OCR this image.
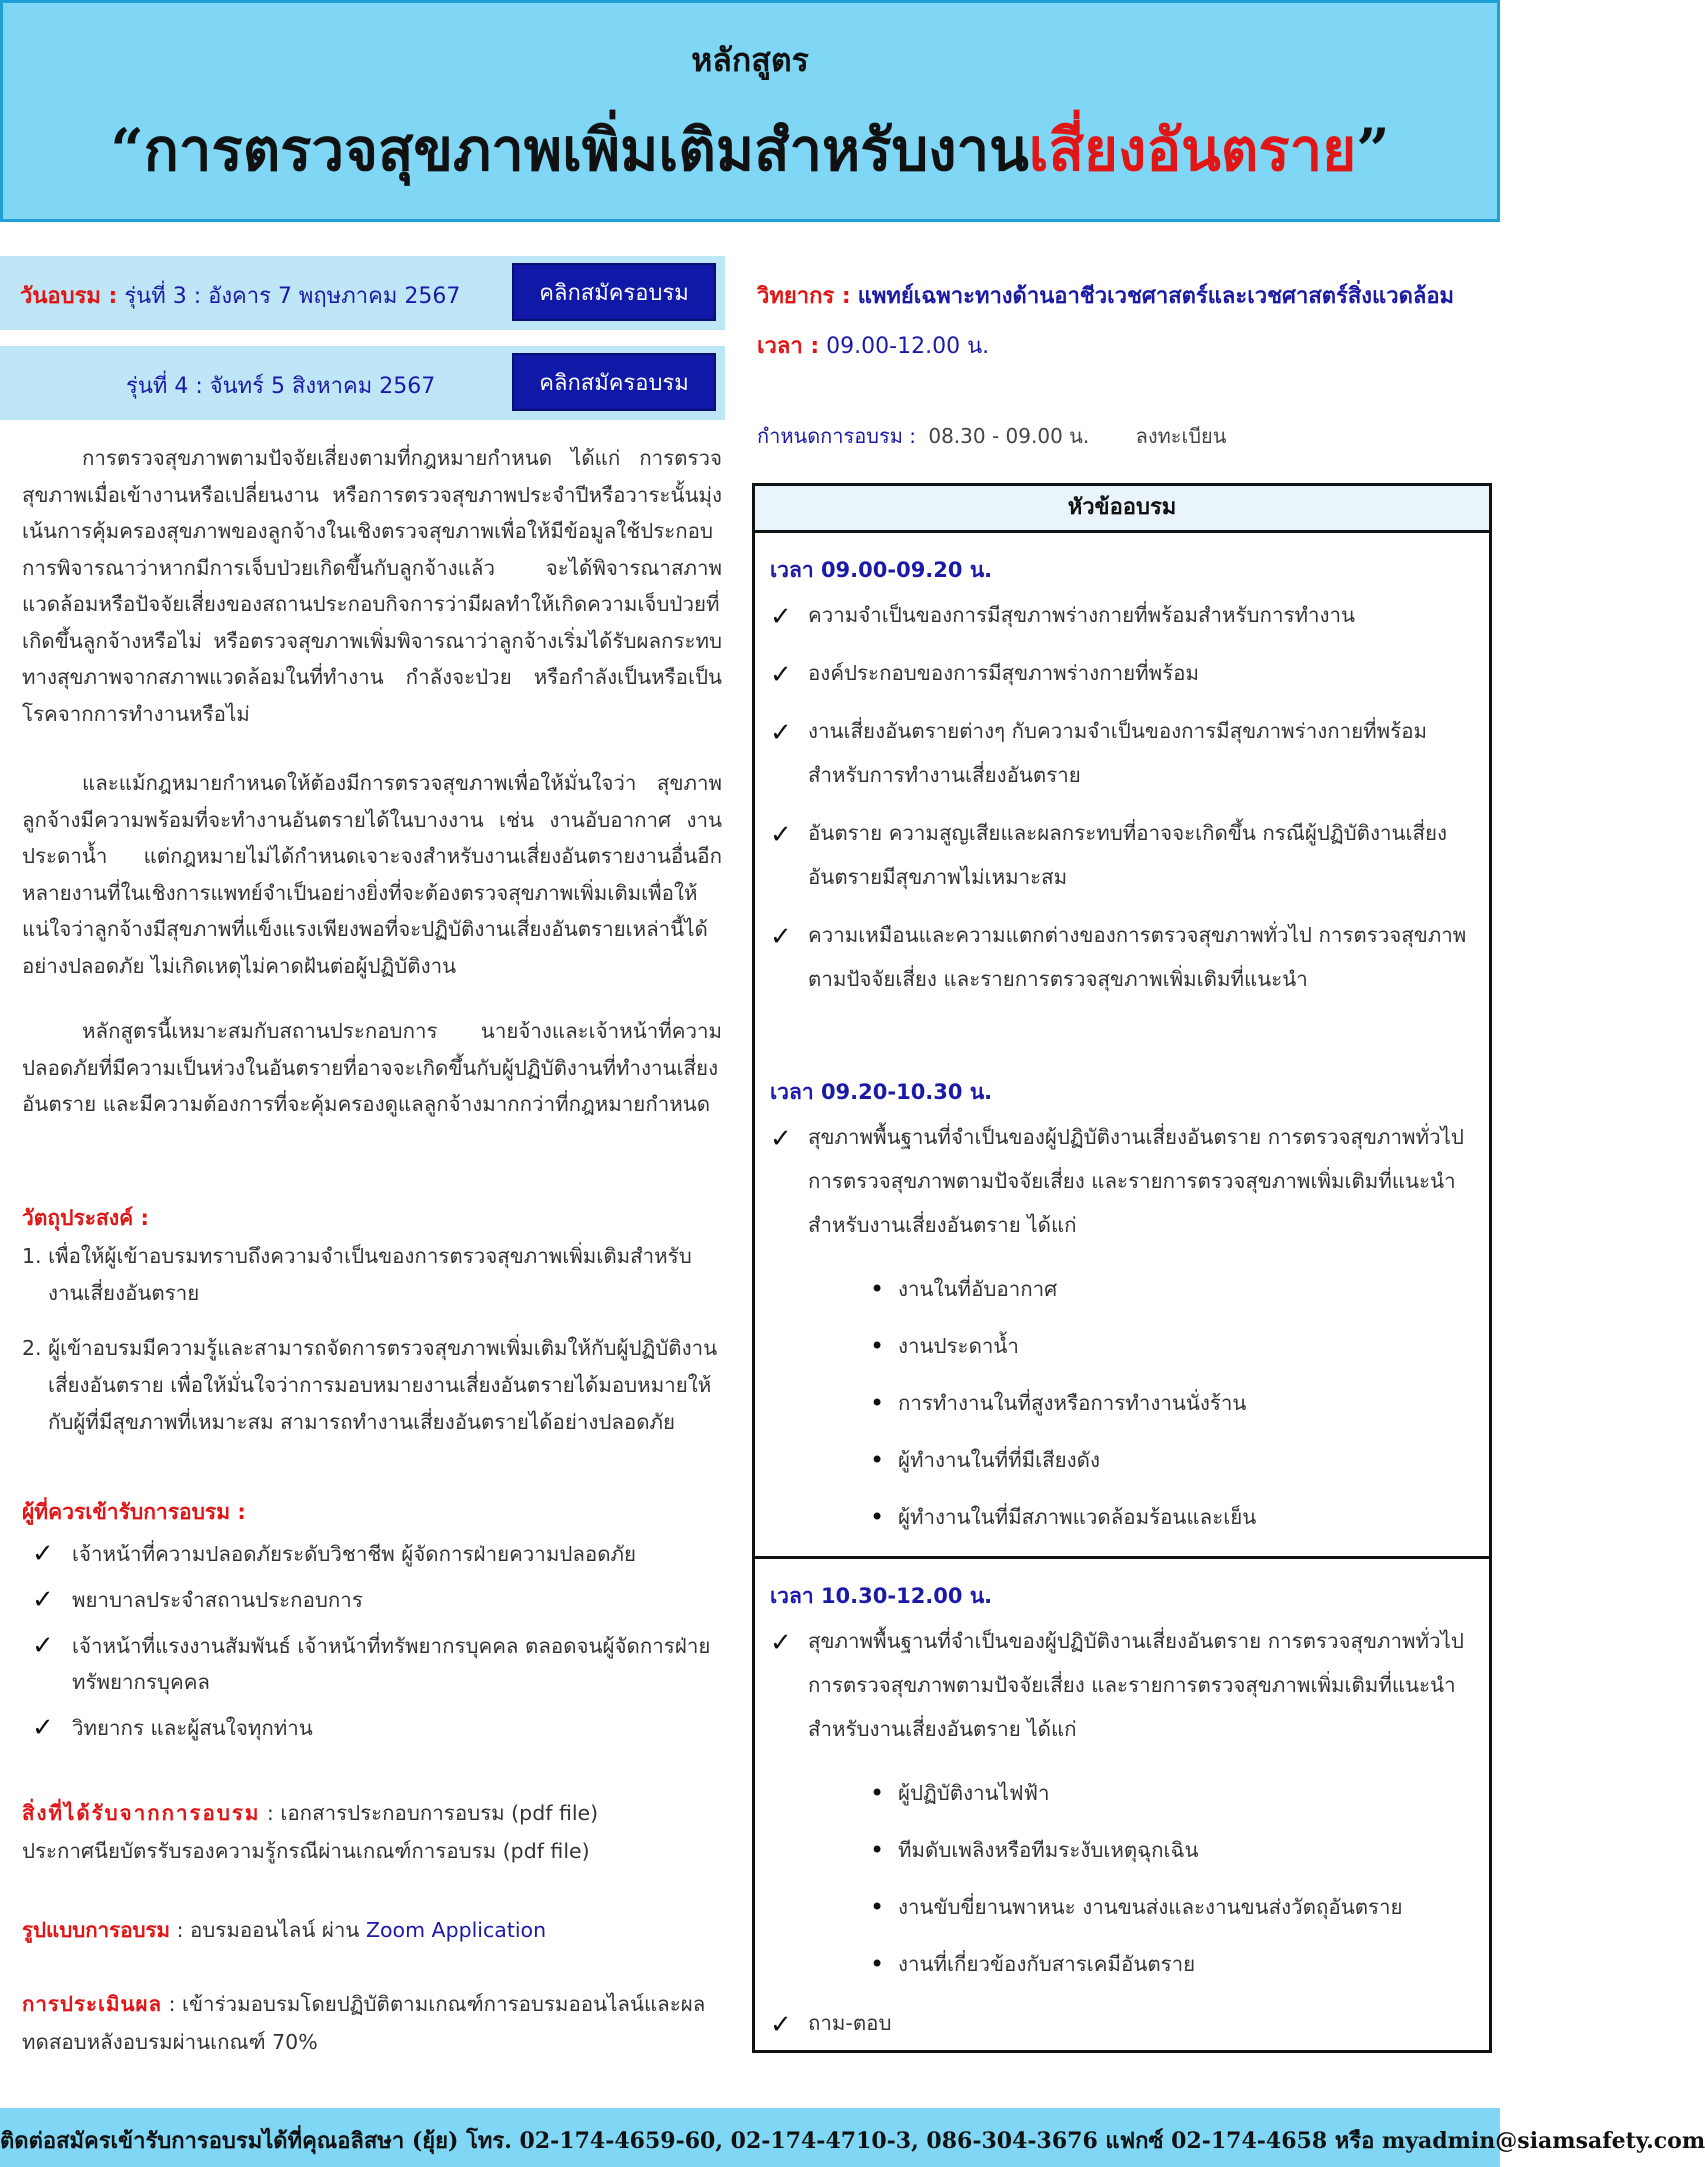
หลักสูตร
“การตรวจสุขภาพเพิ่มเติมสำหรับงานเสี่ยงอันตราย”
วันอบรม : รุ่นที่ 3 : อังคาร 7 พฤษภาคม 2567	คลิกสมัครอบรม
รุ่นที่ 4 : จันทร์ 5 สิงหาคม 2567	คลิกสมัครอบรม
การตรวจสุขภาพตามปัจจัยเสี่ยงตามที่กฎหมายกำหนด ได้แก่ การตรวจสุขภาพเมื่อเข้างานหรือเปลี่ยนงาน หรือการตรวจสุขภาพประจำปีหรือวาระนั้นมุ่งเน้นการคุ้มครองสุขภาพของลูกจ้างในเชิงตรวจสุขภาพเพื่อให้มีข้อมูลใช้ประกอบการพิจารณาว่าหากมีการเจ็บป่วยเกิดขึ้นกับลูกจ้างแล้ว จะได้พิจารณาสภาพแวดล้อมหรือปัจจัยเสี่ยงของสถานประกอบกิจการว่ามีผลทำให้เกิดความเจ็บป่วยที่เกิดขึ้นลูกจ้างหรือไม่ หรือตรวจสุขภาพเพิ่มพิจารณาว่าลูกจ้างเริ่มได้รับผลกระทบทางสุขภาพจากสภาพแวดล้อมในที่ทำงาน กำลังจะป่วย หรือกำลังเป็นหรือเป็นโรคจากการทำงานหรือไม่
และแม้กฎหมายกำหนดให้ต้องมีการตรวจสุขภาพเพื่อให้มั่นใจว่า สุขภาพลูกจ้างมีความพร้อมที่จะทำงานอันตรายได้ในบางงาน เช่น งานอับอากาศ งานประดาน้ำ แต่กฎหมายไม่ได้กำหนดเจาะจงสำหรับงานเสี่ยงอันตรายงานอื่นอีกหลายงานที่ในเชิงการแพทย์จำเป็นอย่างยิ่งที่จะต้องตรวจสุขภาพเพิ่มเติมเพื่อให้แน่ใจว่าลูกจ้างมีสุขภาพที่แข็งแรงเพียงพอที่จะปฏิบัติงานเสี่ยงอันตรายเหล่านี้ได้อย่างปลอดภัย ไม่เกิดเหตุไม่คาดฝันต่อผู้ปฏิบัติงาน
หลักสูตรนี้เหมาะสมกับสถานประกอบการ นายจ้างและเจ้าหน้าที่ความปลอดภัยที่มีความเป็นห่วงในอันตรายที่อาจจะเกิดขึ้นกับผู้ปฏิบัติงานที่ทำงานเสี่ยงอันตราย และมีความต้องการที่จะคุ้มครองดูแลลูกจ้างมากกว่าที่กฎหมายกำหนด
วัตถุประสงค์ :
1. เพื่อให้ผู้เข้าอบรมทราบถึงความจำเป็นของการตรวจสุขภาพเพิ่มเติมสำหรับงานเสี่ยงอันตราย
2. ผู้เข้าอบรมมีความรู้และสามารถจัดการตรวจสุขภาพเพิ่มเติมให้กับผู้ปฏิบัติงานเสี่ยงอันตราย เพื่อให้มั่นใจว่าการมอบหมายงานเสี่ยงอันตรายได้มอบหมายให้กับผู้ที่มีสุขภาพที่เหมาะสม สามารถทำงานเสี่ยงอันตรายได้อย่างปลอดภัย
ผู้ที่ควรเข้ารับการอบรม :
✓ เจ้าหน้าที่ความปลอดภัยระดับวิชาชีพ ผู้จัดการฝ่ายความปลอดภัย
✓ พยาบาลประจำสถานประกอบการ
✓ เจ้าหน้าที่แรงงานสัมพันธ์ เจ้าหน้าที่ทรัพยากรบุคคล ตลอดจนผู้จัดการฝ่ายทรัพยากรบุคคล
✓ วิทยากร และผู้สนใจทุกท่าน
สิ่งที่ได้รับจากการอบรม : เอกสารประกอบการอบรม (pdf file) ประกาศนียบัตรรับรองความรู้กรณีผ่านเกณฑ์การอบรม (pdf file)
รูปแบบการอบรม : อบรมออนไลน์ ผ่าน Zoom Application
การประเมินผล : เข้าร่วมอบรมโดยปฏิบัติตามเกณฑ์การอบรมออนไลน์และผลทดสอบหลังอบรมผ่านเกณฑ์ 70%
วิทยากร : แพทย์เฉพาะทางด้านอาชีวเวชศาสตร์และเวชศาสตร์สิ่งแวดล้อม
เวลา : 09.00-12.00 น.
กำหนดการอบรม : 08.30 - 09.00 น. ลงทะเบียน
หัวข้ออบรม
เวลา 09.00-09.20 น.
✓ ความจำเป็นของการมีสุขภาพร่างกายที่พร้อมสำหรับการทำงาน
✓ องค์ประกอบของการมีสุขภาพร่างกายที่พร้อม
✓ งานเสี่ยงอันตรายต่างๆ กับความจำเป็นของการมีสุขภาพร่างกายที่พร้อมสำหรับการทำงานเสี่ยงอันตราย
✓ อันตราย ความสูญเสียและผลกระทบที่อาจจะเกิดขึ้น กรณีผู้ปฏิบัติงานเสี่ยงอันตรายมีสุขภาพไม่เหมาะสม
✓ ความเหมือนและความแตกต่างของการตรวจสุขภาพทั่วไป การตรวจสุขภาพตามปัจจัยเสี่ยง และรายการตรวจสุขภาพเพิ่มเติมที่แนะนำ
เวลา 09.20-10.30 น.
✓ สุขภาพพื้นฐานที่จำเป็นของผู้ปฏิบัติงานเสี่ยงอันตราย การตรวจสุขภาพทั่วไป การตรวจสุขภาพตามปัจจัยเสี่ยง และรายการตรวจสุขภาพเพิ่มเติมที่แนะนำ สำหรับงานเสี่ยงอันตราย ได้แก่
• งานในที่อับอากาศ
• งานประดาน้ำ
• การทำงานในที่สูงหรือการทำงานนั่งร้าน
• ผู้ทำงานในที่ที่มีเสียงดัง
• ผู้ทำงานในที่มีสภาพแวดล้อมร้อนและเย็น
เวลา 10.30-12.00 น.
✓ สุขภาพพื้นฐานที่จำเป็นของผู้ปฏิบัติงานเสี่ยงอันตราย การตรวจสุขภาพทั่วไป การตรวจสุขภาพตามปัจจัยเสี่ยง และรายการตรวจสุขภาพเพิ่มเติมที่แนะนำ สำหรับงานเสี่ยงอันตราย ได้แก่
• ผู้ปฏิบัติงานไฟฟ้า
• ทีมดับเพลิงหรือทีมระงับเหตุฉุกเฉิน
• งานขับขี่ยานพาหนะ งานขนส่งและงานขนส่งวัตถุอันตราย
• งานที่เกี่ยวข้องกับสารเคมีอันตราย
✓ ถาม-ตอบ
ติดต่อสมัครเข้ารับการอบรมได้ที่คุณอลิสษา (ยุ้ย) โทร. 02-174-4659-60, 02-174-4710-3, 086-304-3676 แฟกซ์ 02-174-4658 หรือ myadmin@siamsafety.com
